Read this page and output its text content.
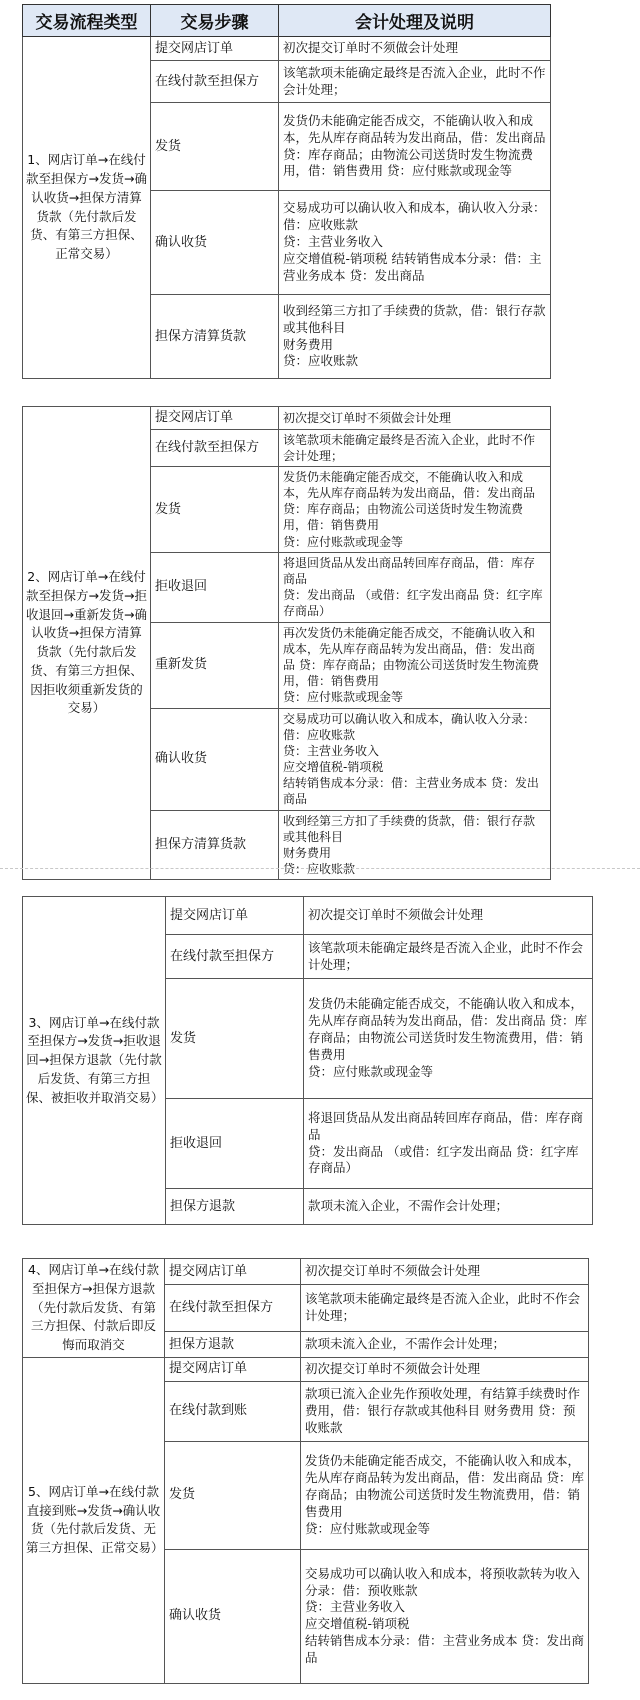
交易流程类型	交易步骤	会计处理及说明
1、网店订单→在线付款至担保方→发货→确认收货→担保方清算货款（先付款后发货、有第三方担保、正常交易）	提交网店订单	初次提交订单时不须做会计处理

	在线付款至担保方	该笔款项未能确定最终是否流入企业，此时不作会计处理；

	发货	发货仍未能确定能否成交，不能确认收入和成本，先从库存商品转为发出商品，借：发出商品 贷：库存商品；由物流公司送货时发生物流费用，借：销售费用 贷：应付账款或现金等

	确认收货	交易成功可以确认收入和成本，确认收入分录：借：应收账款
贷：主营业务收入
应交增值税-销项税 结转销售成本分录：借：主营业务成本 贷：发出商品

	担保方清算货款	收到经第三方扣了手续费的货款，借：银行存款或其他科目
财务费用
贷：应收账款
2、网店订单→在线付款至担保方→发货→拒收退回→重新发货→确认收货→担保方清算货款（先付款后发货、有第三方担保、因拒收须重新发货的交易）	提交网店订单	初次提交订单时不须做会计处理

	在线付款至担保方	该笔款项未能确定最终是否流入企业，此时不作会计处理；

	发货	发货仍未能确定能否成交，不能确认收入和成本，先从库存商品转为发出商品，借：发出商品 贷：库存商品；由物流公司送货时发生物流费用，借：销售费用
贷：应付账款或现金等

	拒收退回	将退回货品从发出商品转回库存商品，借：库存商品
贷：发出商品 （或借：红字发出商品 贷：红字库存商品）

	重新发货	再次发货仍未能确定能否成交，不能确认收入和成本，先从库存商品转为发出商品，借：发出商品 贷：库存商品；由物流公司送货时发生物流费用，借：销售费用
贷：应付账款或现金等

	确认收货	交易成功可以确认收入和成本，确认收入分录：借：应收账款
贷：主营业务收入
应交增值税-销项税
结转销售成本分录：借：主营业务成本 贷：发出商品

	担保方清算货款	收到经第三方扣了手续费的货款，借：银行存款或其他科目
财务费用
贷：应收账款
3、网店订单→在线付款至担保方→发货→拒收退回→担保方退款（先付款后发货、有第三方担保、被拒收并取消交易）	提交网店订单	初次提交订单时不须做会计处理

	在线付款至担保方	该笔款项未能确定最终是否流入企业，此时不作会计处理；

	发货	发货仍未能确定能否成交，不能确认收入和成本，先从库存商品转为发出商品，借：发出商品 贷：库存商品；由物流公司送货时发生物流费用，借：销售费用
贷：应付账款或现金等

	拒收退回	将退回货品从发出商品转回库存商品，借：库存商品
贷：发出商品 （或借：红字发出商品 贷：红字库存商品）

	担保方退款	款项未流入企业，不需作会计处理；
4、网店订单→在线付款至担保方→担保方退款（先付款后发货、有第三方担保、付款后即反悔而取消交	提交网店订单	初次提交订单时不须做会计处理

	在线付款至担保方	该笔款项未能确定最终是否流入企业，此时不作会计处理；

	担保方退款	款项未流入企业，不需作会计处理；

5、网店订单→在线付款直接到账→发货→确认收货（先付款后发货、无第三方担保、正常交易）	提交网店订单	初次提交订单时不须做会计处理

	在线付款到账	款项已流入企业先作预收处理，有结算手续费时作费用，借：银行存款或其他科目 财务费用 贷：预收账款

	发货	发货仍未能确定能否成交，不能确认收入和成本，先从库存商品转为发出商品，借：发出商品 贷：库存商品；由物流公司送货时发生物流费用，借：销售费用
贷：应付账款或现金等

	确认收货	交易成功可以确认收入和成本，将预收款转为收入分录：借：预收账款
贷：主营业务收入
应交增值税-销项税
结转销售成本分录：借：主营业务成本 贷：发出商品
